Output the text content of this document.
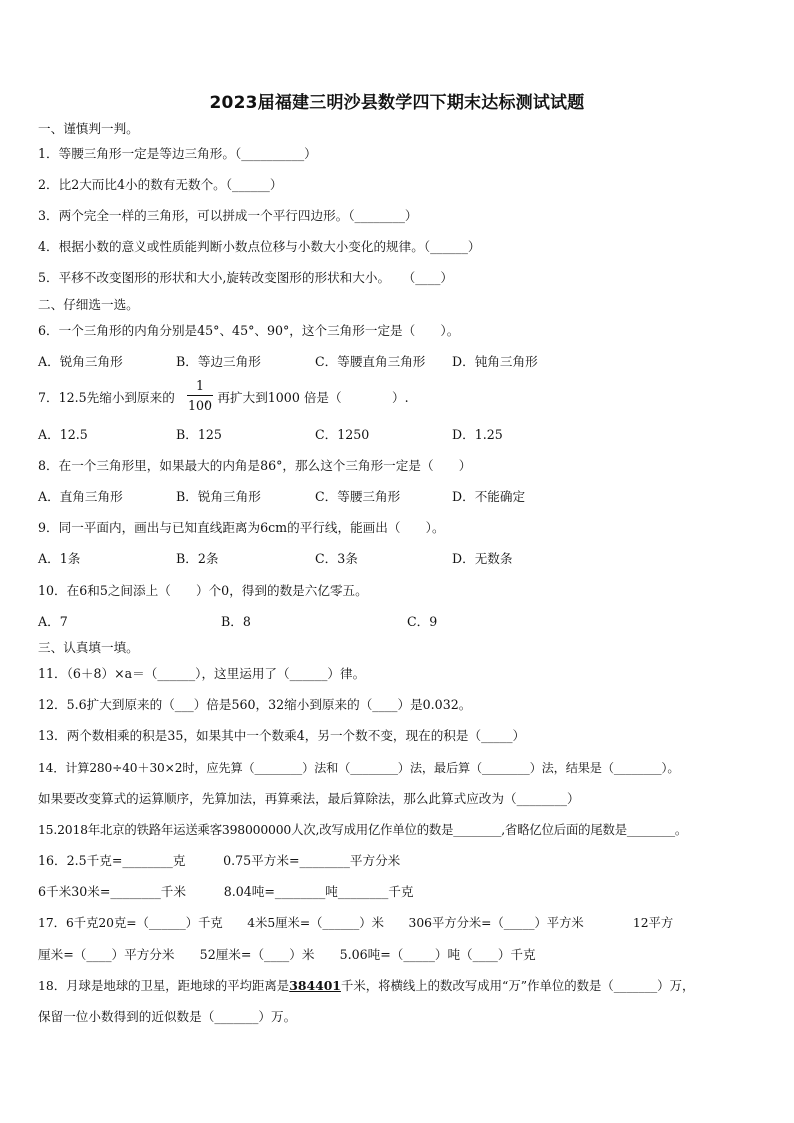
2023届福建三明沙县数学四下期末达标测试试题
一、谨慎判一判。
1．等腰三角形一定是等边三角形。（__________）
2．比2大而比4小的数有无数个。（______）
3．两个完全一样的三角形，可以拼成一个平行四边形。（________）
4．根据小数的意义或性质能判断小数点位移与小数大小变化的规律。（______）
5．平移不改变图形的形状和大小,旋转改变图形的形状和大小。　　（____）
二、仔细选一选。
6．一个三角形的内角分别是45°、45°、90°，这个三角形一定是（　　）。
A．锐角三角形	B．等边三角形	C．等腰直角三角形 D．钝角三角形
7．12.5先缩小到原来的 ，再扩大到1000 倍是（　　　　）.
1
100
A．12.5	B．125	C．1250	D．1.25
8．在一个三角形里，如果最大的内角是86°，那么这个三角形一定是（　　）
A．直角三角形	B．锐角三角形	C．等腰三角形	D．不能确定
9．同一平面内，画出与已知直线距离为6cm的平行线，能画出（　　）。
A．1条	B．2条	C．3条	D．无数条
10．在6和5之间添上（　　）个0，得到的数是六亿零五。
A．7	B．8	C．9
三、认真填一填。
11．（6＋8）×a＝（______），这里运用了（______）律。
12．5.6扩大到原来的（___）倍是560，32缩小到原来的（____）是0.032。
13．两个数相乘的积是35，如果其中一个数乘4，另一个数不变，现在的积是（_____）
14．计算280÷40＋30×2时，应先算（________）法和（________）法，最后算（________）法，结果是（________）。
如果要改变算式的运算顺序，先算加法，再算乘法，最后算除法，那么此算式应改为（________）
15.2018年北京的铁路年运送乘客398000000人次,改写成用亿作单位的数是________,省略亿位后面的尾数是________。
16．2.5千克=________克　　　0.75平方米=________平方分米
6千米30米=________千米　　　8.04吨=________吨________千克
17．6千克20克=（______）千克　　4米5厘米=（______）米　　306平方分米=（_____）平方米　　　　12平方
厘米=（____）平方分米　　52厘米=（____）米　　5.06吨=（_____）吨（____）千克
18．月球是地球的卫星，距地球的平均距离是384401千米，将横线上的数改写成用“万”作单位的数是（_______）万，
保留一位小数得到的近似数是（_______）万。
